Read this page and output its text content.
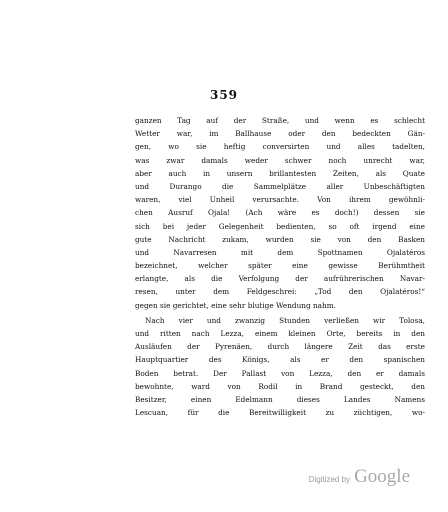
359
ganzen Tag auf der Straße, und wenn es schlecht
Wetter war, im Ballhause oder den bedeckten Gän-
gen, wo sie heftig conversirten und alles tadelten,
was zwar damals weder schwer noch unrecht war,
aber auch in unsern brillantesten Zeiten, als Quate
und Durango die Sammelplätze aller Unbeschäftigten
waren, viel Unheil verursachte. Von ihrem gewöhnli-
chen Ausruf Ojala! (Ach wäre es doch!) dessen sie
sich bei jeder Gelegenheit bedienten, so oft irgend eine
gute Nachricht zukam, wurden sie von den Basken
und Navarresen mit dem Spottnamen Ojalatéros
bezeichnet, welcher später eine gewisse Berühmtheit
erlangte, als die Verfolgung der aufrührerischen Navar-
resen, unter dem Feldgeschrei: „Tod den Ojalatéros!“
gegen sie gerichtet, eine sehr blutige Wendung nahm.
Nach vier und zwanzig Stunden verließen wir Tolosa,
und ritten nach Lezza, einem kleinen Orte, bereits in den
Ausläufen der Pyrenäen, durch längere Zeit das erste
Hauptquartier des Königs, als er den spanischen
Boden betrat. Der Pallast von Lezza, den er damals
bewohnte, ward von Rodil in Brand gesteckt, den
Besitzer, einen Edelmann dieses Landes Namens
Lescuan, für die Bereitwilligkeit zu züchtigen, wo-
Digitized by Google
